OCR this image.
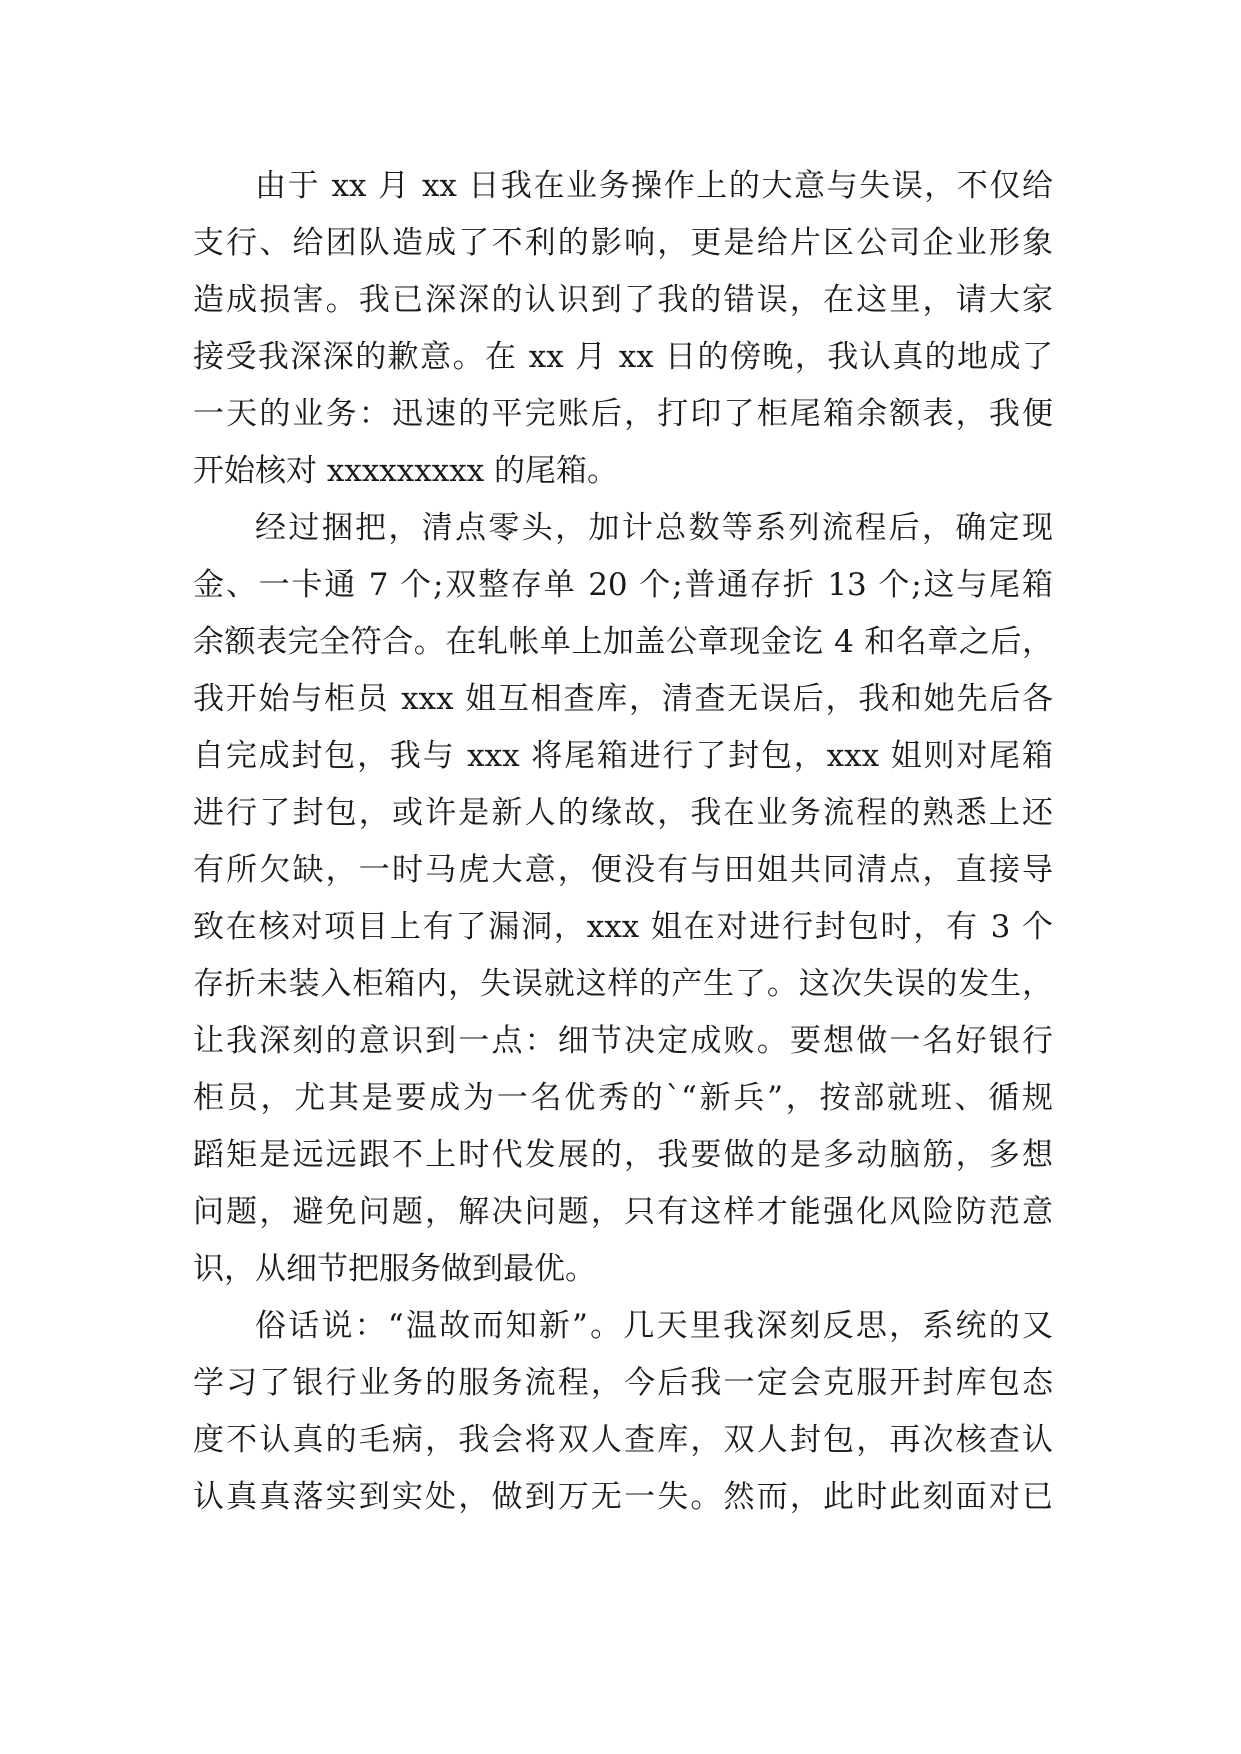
由于 xx 月 xx 日我在业务操作上的大意与失误，不仅给
支行、给团队造成了不利的影响，更是给片区公司企业形象
造成损害。我已深深的认识到了我的错误，在这里，请大家
接受我深深的歉意。在 xx 月 xx 日的傍晚，我认真的地成了
一天的业务：迅速的平完账后，打印了柜尾箱余额表，我便
开始核对 xxxxxxxxx 的尾箱。
经过捆把，清点零头，加计总数等系列流程后，确定现
金、一卡通 7 个;双整存单 20 个;普通存折 13 个;这与尾箱
余额表完全符合。在轧帐单上加盖公章现金讫 4 和名章之后，
我开始与柜员 xxx 姐互相查库，清查无误后，我和她先后各
自完成封包，我与 xxx 将尾箱进行了封包，xxx 姐则对尾箱
进行了封包，或许是新人的缘故，我在业务流程的熟悉上还
有所欠缺，一时马虎大意，便没有与田姐共同清点，直接导
致在核对项目上有了漏洞，xxx 姐在对进行封包时，有 3 个
存折未装入柜箱内，失误就这样的产生了。这次失误的发生，
让我深刻的意识到一点：细节决定成败。要想做一名好银行
柜员，尤其是要成为一名优秀的`“新兵”，按部就班、循规
蹈矩是远远跟不上时代发展的，我要做的是多动脑筋，多想
问题，避免问题，解决问题，只有这样才能强化风险防范意
识，从细节把服务做到最优。
俗话说：“温故而知新”。几天里我深刻反思，系统的又
学习了银行业务的服务流程，今后我一定会克服开封库包态
度不认真的毛病，我会将双人查库，双人封包，再次核查认
认真真落实到实处，做到万无一失。然而，此时此刻面对已
